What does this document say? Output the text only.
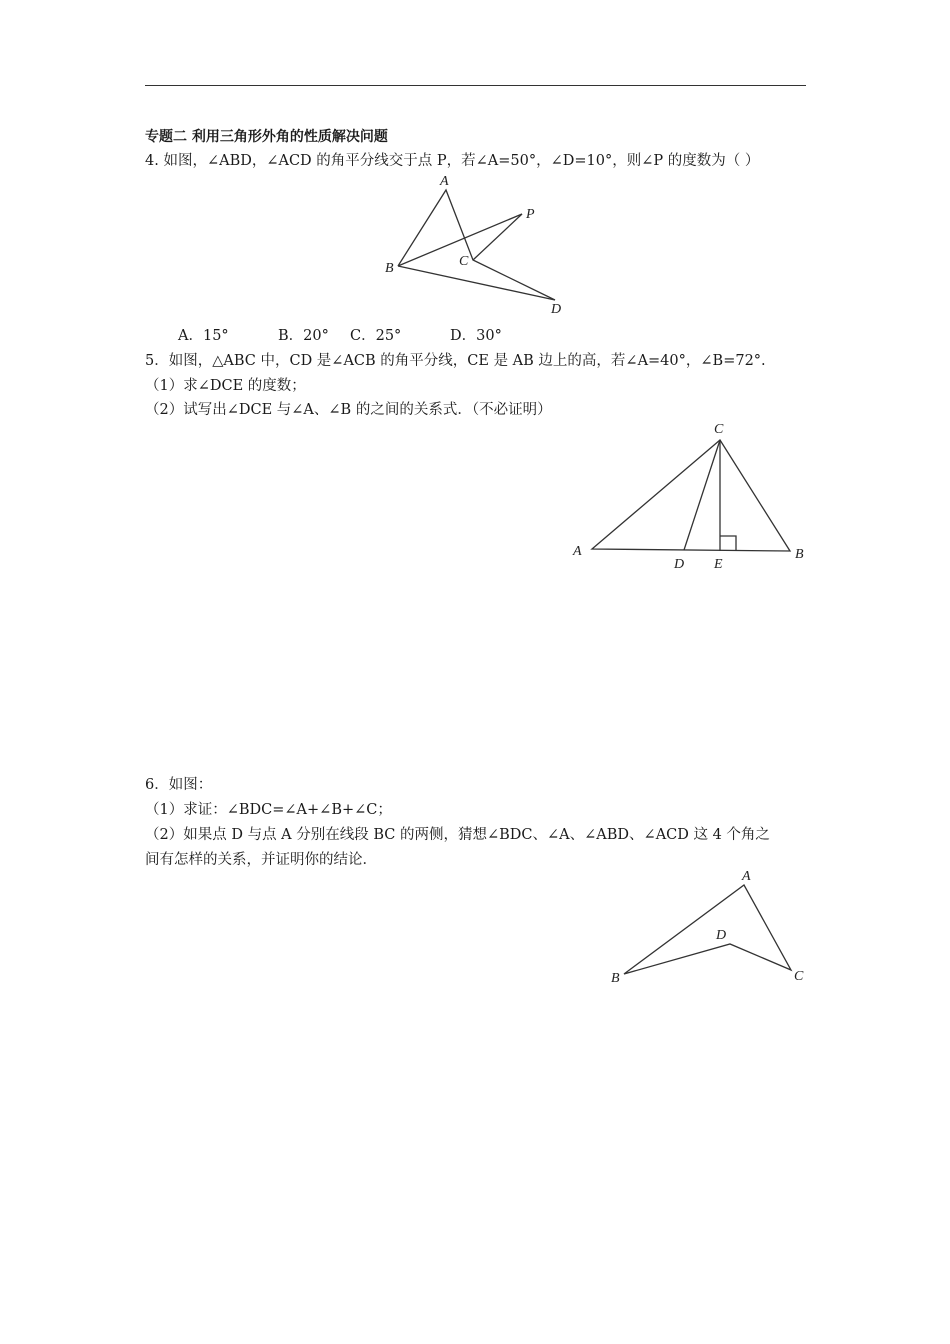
专题二 利用三角形外角的性质解决问题
4. 如图，∠ABD，∠ACD 的角平分线交于点 P，若∠A=50°，∠D=10°，则∠P 的度数为（ ）
A
P
B	C
D
C
A
D E
B
A
D
B	C
A．15°	B．20° C．25°	D．30°
5．如图，△ABC 中，CD 是∠ACB 的角平分线，CE 是 AB 边上的高，若∠A=40°，∠B=72°.
（1）求∠DCE 的度数；
（2）试写出∠DCE 与∠A、∠B 的之间的关系式．（不必证明）
6．如图：
（1）求证：∠BDC=∠A+∠B+∠C；
（2）如果点 D 与点 A 分别在线段 BC 的两侧，猜想∠BDC、∠A、∠ABD、∠ACD 这 4 个角之
间有怎样的关系，并证明你的结论．
